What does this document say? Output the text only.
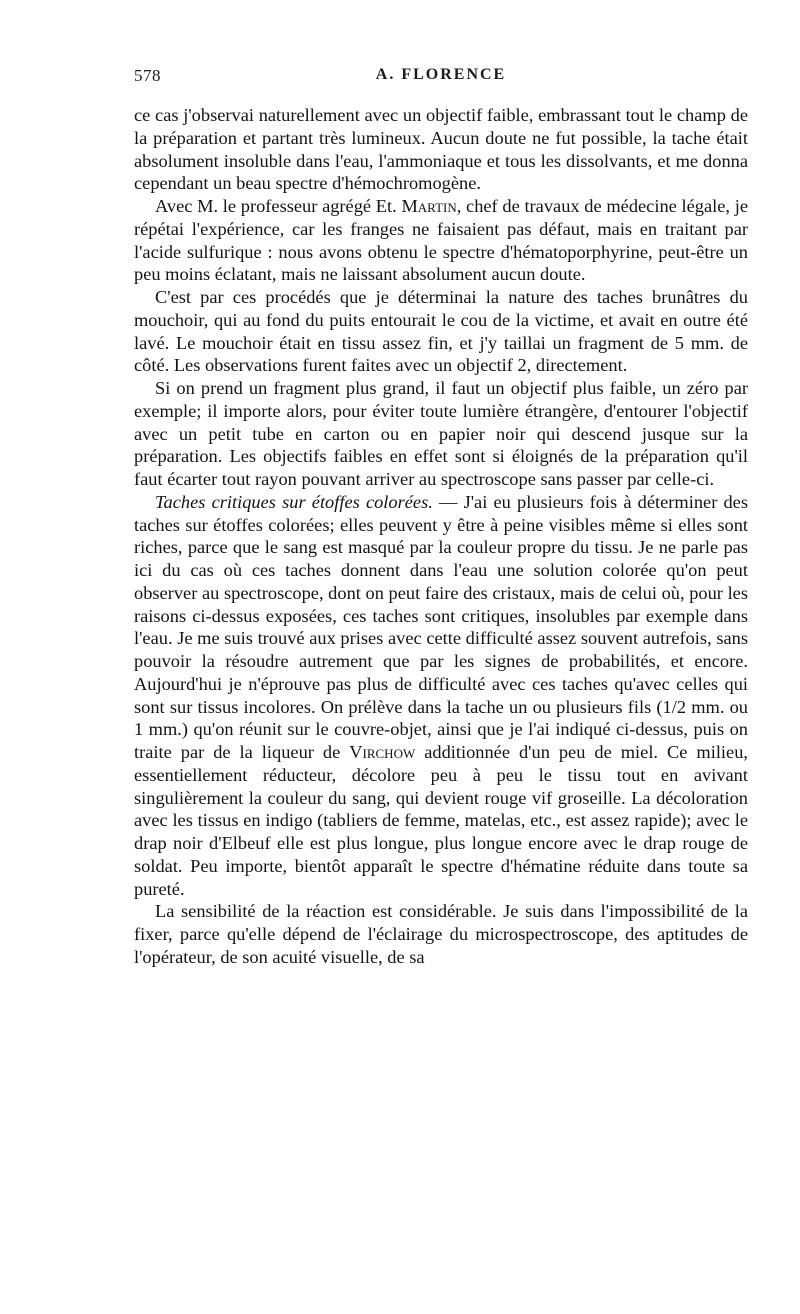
578	A. FLORENCE

ce cas j'observai naturellement avec un objectif faible, embrassant tout le champ de la préparation et partant très lumineux. Aucun doute ne fut possible, la tache était absolument insoluble dans l'eau, l'ammoniaque et tous les dissolvants, et me donna cependant un beau spectre d'hémochromogène.

Avec M. le professeur agrégé Et. Martin, chef de travaux de médecine légale, je répétai l'expérience, car les franges ne faisaient pas défaut, mais en traitant par l'acide sulfurique : nous avons obtenu le spectre d'hématoporphyrine, peut-être un peu moins éclatant, mais ne laissant absolument aucun doute.

C'est par ces procédés que je déterminai la nature des taches brunâtres du mouchoir, qui au fond du puits entourait le cou de la victime, et avait en outre été lavé. Le mouchoir était en tissu assez fin, et j'y taillai un fragment de 5 mm. de côté. Les observations furent faites avec un objectif 2, directement.

Si on prend un fragment plus grand, il faut un objectif plus faible, un zéro par exemple; il importe alors, pour éviter toute lumière étrangère, d'entourer l'objectif avec un petit tube en carton ou en papier noir qui descend jusque sur la préparation. Les objectifs faibles en effet sont si éloignés de la préparation qu'il faut écarter tout rayon pouvant arriver au spectroscope sans passer par celle-ci.

Taches critiques sur étoffes colorées. — J'ai eu plusieurs fois à déterminer des taches sur étoffes colorées; elles peuvent y être à peine visibles même si elles sont riches, parce que le sang est masqué par la couleur propre du tissu. Je ne parle pas ici du cas où ces taches donnent dans l'eau une solution colorée qu'on peut observer au spectroscope, dont on peut faire des cristaux, mais de celui où, pour les raisons ci-dessus exposées, ces taches sont critiques, insolubles par exemple dans l'eau. Je me suis trouvé aux prises avec cette difficulté assez souvent autrefois, sans pouvoir la résoudre autrement que par les signes de probabilités, et encore. Aujourd'hui je n'éprouve pas plus de difficulté avec ces taches qu'avec celles qui sont sur tissus incolores. On prélève dans la tache un ou plusieurs fils (1/2 mm. ou 1 mm.) qu'on réunit sur le couvre-objet, ainsi que je l'ai indiqué ci-dessus, puis on traite par de la liqueur de Virchow additionnée d'un peu de miel. Ce milieu, essentiellement réducteur, décolore peu à peu le tissu tout en avivant singulièrement la couleur du sang, qui devient rouge vif groseille. La décoloration avec les tissus en indigo (tabliers de femme, matelas, etc., est assez rapide); avec le drap noir d'Elbeuf elle est plus longue, plus longue encore avec le drap rouge de soldat. Peu importe, bientôt apparaît le spectre d'hématine réduite dans toute sa pureté.

La sensibilité de la réaction est considérable. Je suis dans l'impossibilité de la fixer, parce qu'elle dépend de l'éclairage du microspectroscope, des aptitudes de l'opérateur, de son acuité visuelle, de sa
